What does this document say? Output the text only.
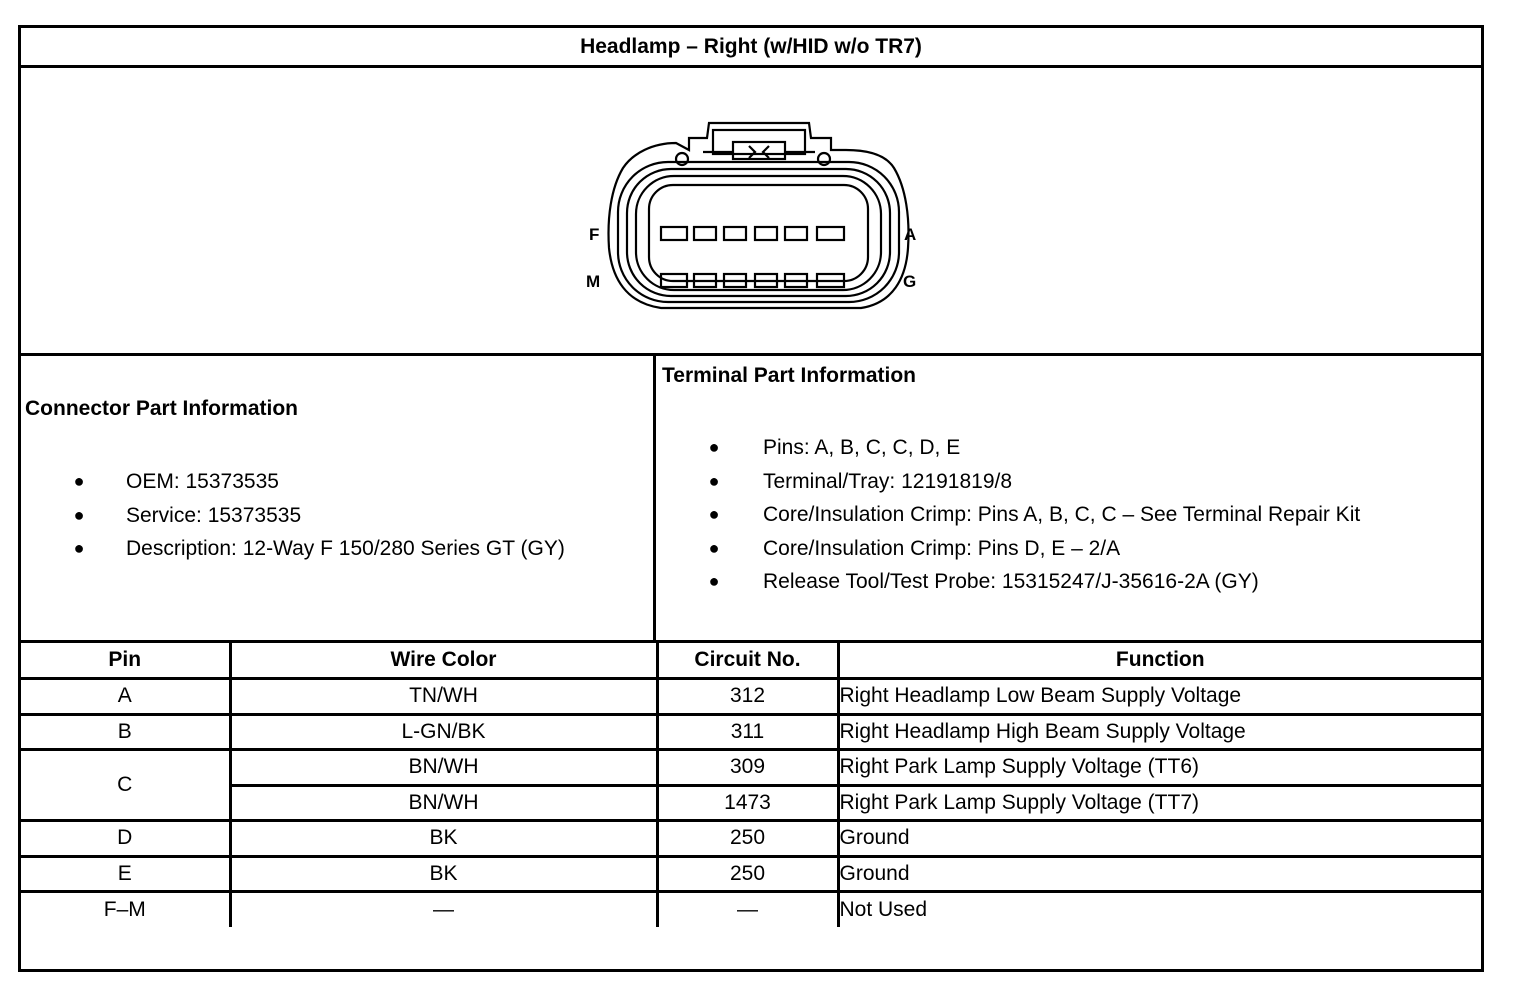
Headlamp – Right (w/HID w/o TR7)
F	A
M	G
Connector Part Information
● OEM: 15373535
● Service: 15373535
● Description: 12-Way F 150/280 Series GT (GY)
Terminal Part Information
● Pins: A, B, C, C, D, E
● Terminal/Tray: 12191819/8
● Core/Insulation Crimp: Pins A, B, C, C – See Terminal Repair Kit
● Core/Insulation Crimp: Pins D, E – 2/A
● Release Tool/Test Probe: 15315247/J-35616-2A (GY)
Pin	Wire Color	Circuit No.	Function
A	TN/WH	312	Right Headlamp Low Beam Supply Voltage
B	L-GN/BK	311	Right Headlamp High Beam Supply Voltage
C	BN/WH	309	Right Park Lamp Supply Voltage (TT6)
	BN/WH	1473	Right Park Lamp Supply Voltage (TT7)
D	BK	250	Ground
E	BK	250	Ground
F–M	—	—	Not Used
